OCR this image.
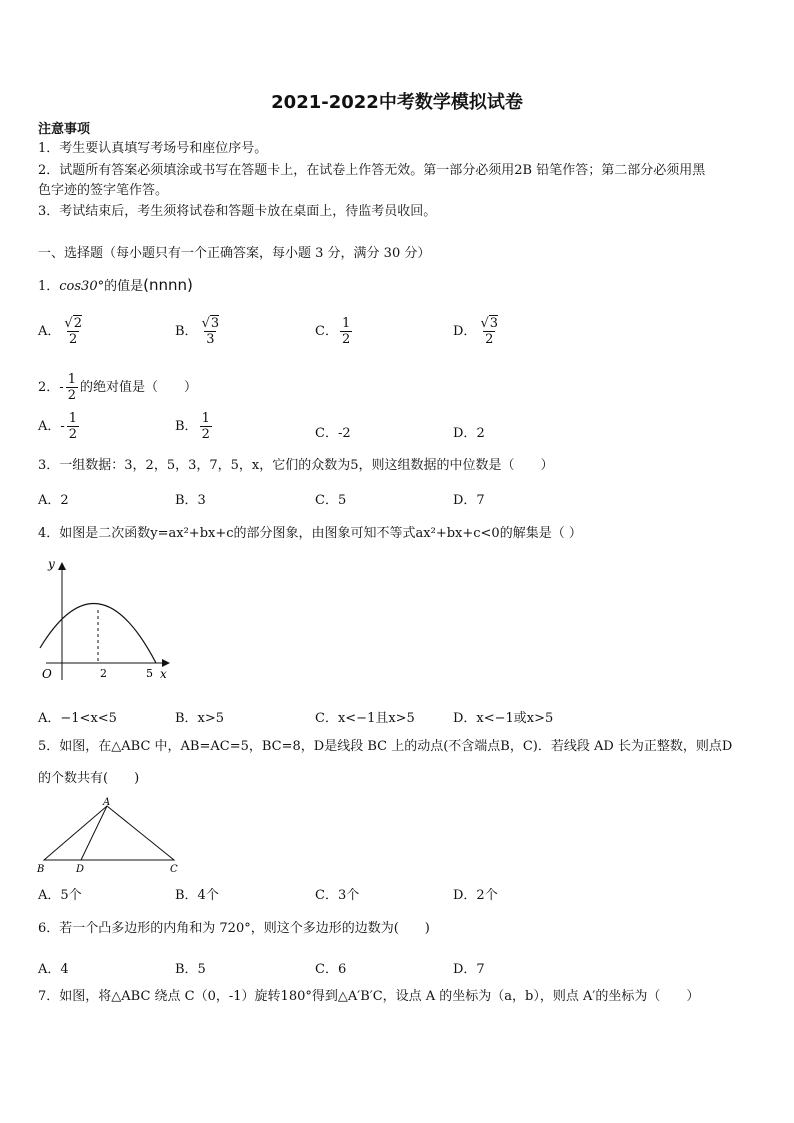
2021-2022中考数学模拟试卷
注意事项
1．考生要认真填写考场号和座位序号。
2．试题所有答案必须填涂或书写在答题卡上，在试卷上作答无效。第一部分必须用2B 铅笔作答；第二部分必须用黑
色字迹的签字笔作答。
3．考试结束后，考生须将试卷和答题卡放在桌面上，待监考员收回。
一、选择题（每小题只有一个正确答案，每小题 3 分，满分 30 分）
1．cos30°的值是(nnnn)
A． $\frac{√2}{2}$	B． $\frac{√3}{3}$	C． $\frac{1}{2}$	D． $\frac{√3}{2}$
2．- $\frac{1}{2}$ 的绝对值是（　　）
A．- $\frac{1}{2}$	B． $\frac{1}{2}$	C．-2	D．2
3．一组数据：3，2，5，3，7，5，x，它们的众数为5，则这组数据的中位数是（　　）
A．2	B．3	C．5	D．7
4．如图是二次函数y=ax²+bx+c的部分图象，由图象可知不等式ax²+bx+c<0的解集是（ ）
y
x
O	2	5
A．−1<x<5	B．x>5	C．x<−1且x>5	D．x<−1或x>5
5．如图，在△ABC 中，AB=AC=5，BC=8，D是线段 BC 上的动点(不含端点B，C)．若线段 AD 长为正整数，则点D
的个数共有(　　)
A
B	D	C
A．5个	B．4个	C．3个	D．2个
6．若一个凸多边形的内角和为 720°，则这个多边形的边数为(　　)
A．4	B．5	C．6	D．7
7．如图，将△ABC 绕点 C（0，-1）旋转180°得到△A′B′C，设点 A 的坐标为（a，b），则点 A′的坐标为（　　）
